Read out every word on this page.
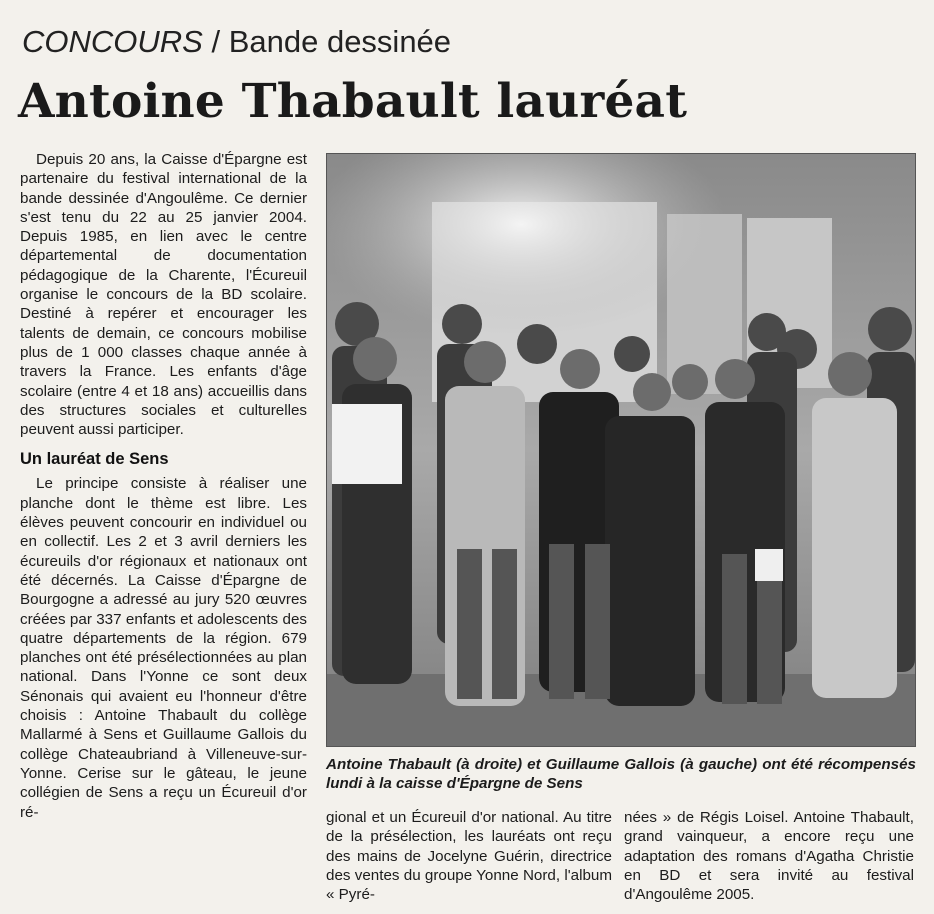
CONCOURS / Bande dessinée
Antoine Thabault lauréat

Depuis 20 ans, la Caisse d'Épargne est partenaire du festival international de la bande dessinée d'Angoulême. Ce dernier s'est tenu du 22 au 25 janvier 2004. Depuis 1985, en lien avec le centre départemental de documentation pédagogique de la Charente, l'Écureuil organise le concours de la BD scolaire. Destiné à repérer et encourager les talents de demain, ce concours mobilise plus de 1 000 classes chaque année à travers la France. Les enfants d'âge scolaire (entre 4 et 18 ans) accueillis dans des structures sociales et culturelles peuvent aussi participer.

Un lauréat de Sens

Le principe consiste à réaliser une planche dont le thème est libre. Les élèves peuvent concourir en individuel ou en collectif. Les 2 et 3 avril derniers les écureuils d'or régionaux et nationaux ont été décernés. La Caisse d'Épargne de Bourgogne a adressé au jury 520 œuvres créées par 337 enfants et adolescents des quatre départements de la région. 679 planches ont été présélectionnées au plan national. Dans l'Yonne ce sont deux Sénonais qui avaient eu l'honneur d'être choisis : Antoine Thabault du collège Mallarmé à Sens et Guillaume Gallois du collège Chateaubriand à Villeneuve-sur-Yonne. Cerise sur le gâteau, le jeune collégien de Sens a reçu un Écureuil d'or ré-

Antoine Thabault (à droite) et Guillaume Gallois (à gauche) ont été récompensés lundi à la caisse d'Épargne de Sens

gional et un Écureuil d'or national. Au titre de la présélection, les lauréats ont reçu des mains de Jocelyne Guérin, directrice des ventes du groupe Yonne Nord, l'album « Pyré-

nées » de Régis Loisel. Antoine Thabault, grand vainqueur, a encore reçu une adaptation des romans d'Agatha Christie en BD et sera invité au festival d'Angoulême 2005.
